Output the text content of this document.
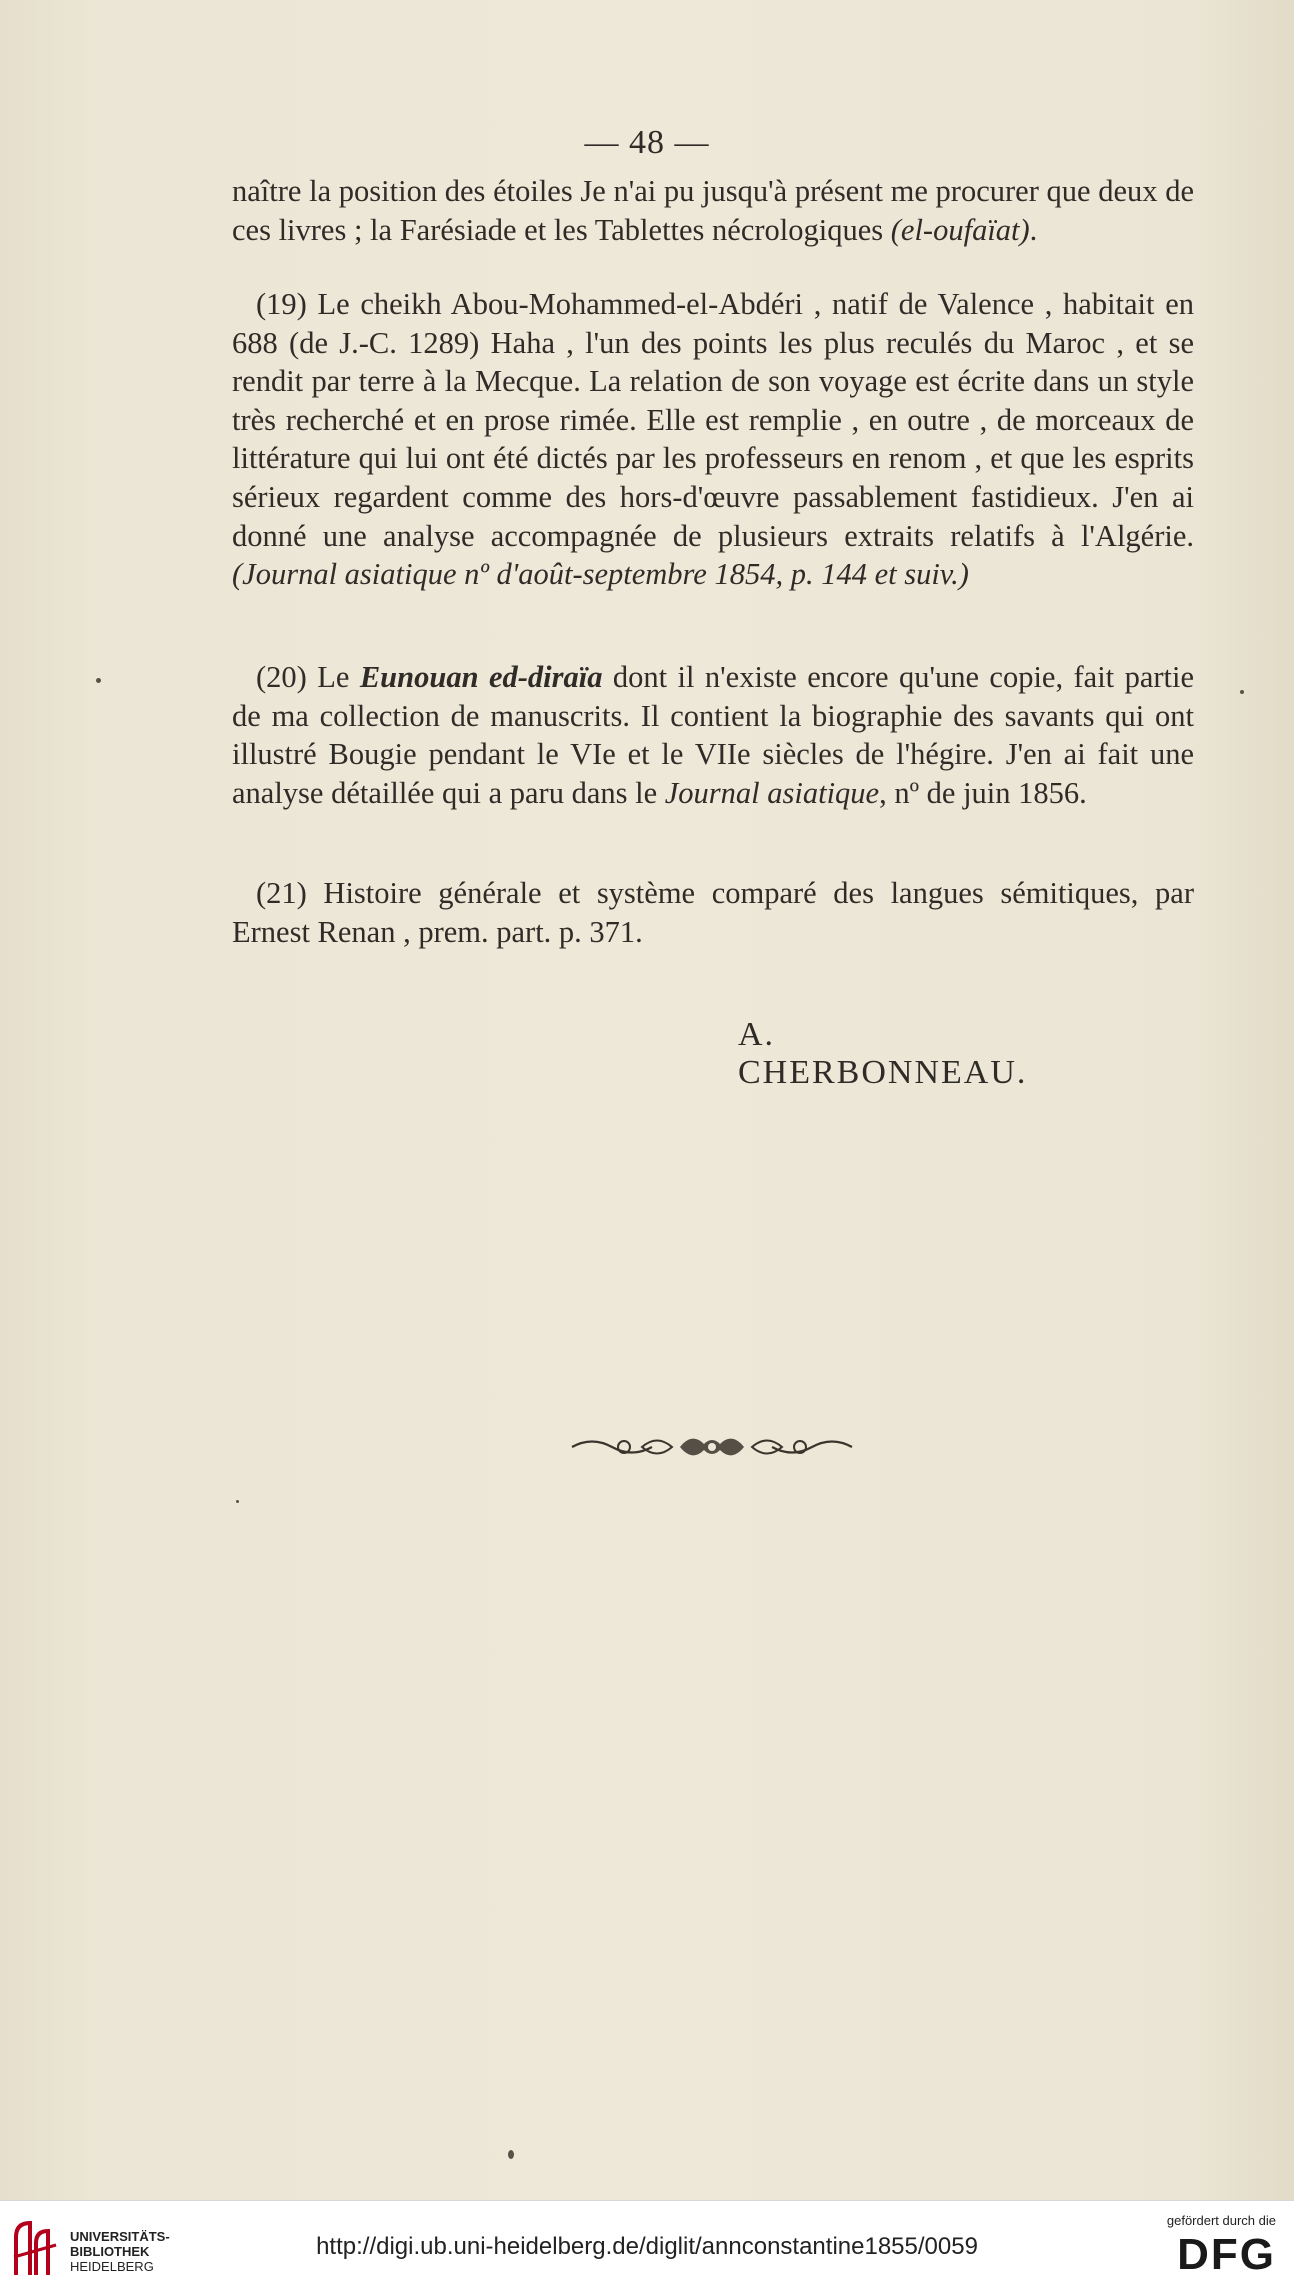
— 48 —
naître la position des étoiles Je n'ai pu jusqu'à présent me procurer que deux de ces livres ; la Farésiade et les Tablettes nécrologiques (el-oufaïat).
(19) Le cheikh Abou-Mohammed-el-Abdéri , natif de Valence , habitait en 688 (de J.-C. 1289) Haha , l'un des points les plus reculés du Maroc , et se rendit par terre à la Mecque. La relation de son voyage est écrite dans un style très recherché et en prose rimée. Elle est remplie , en outre , de morceaux de littérature qui lui ont été dictés par les professeurs en renom , et que les esprits sérieux regardent comme des hors-d'œuvre passablement fastidieux. J'en ai donné une analyse accompagnée de plusieurs extraits relatifs à l'Algérie. (Journal asiatique nº d'août-septembre 1854, p. 144 et suiv.)
(20) Le Eunouan ed-diraïa dont il n'existe encore qu'une copie, fait partie de ma collection de manuscrits. Il contient la biographie des savants qui ont illustré Bougie pendant le VIe et le VIIe siècles de l'hégire. J'en ai fait une analyse détaillée qui a paru dans le Journal asiatique, nº de juin 1856.
(21) Histoire générale et système comparé des langues sémitiques, par Ernest Renan , prem. part. p. 371.
A. CHERBONNEAU.
UNIVERSITÄTS-
BIBLIOTHEK
HEIDELBERG
http://digi.ub.uni-heidelberg.de/diglit/annconstantine1855/0059
gefördert durch die
DFG
